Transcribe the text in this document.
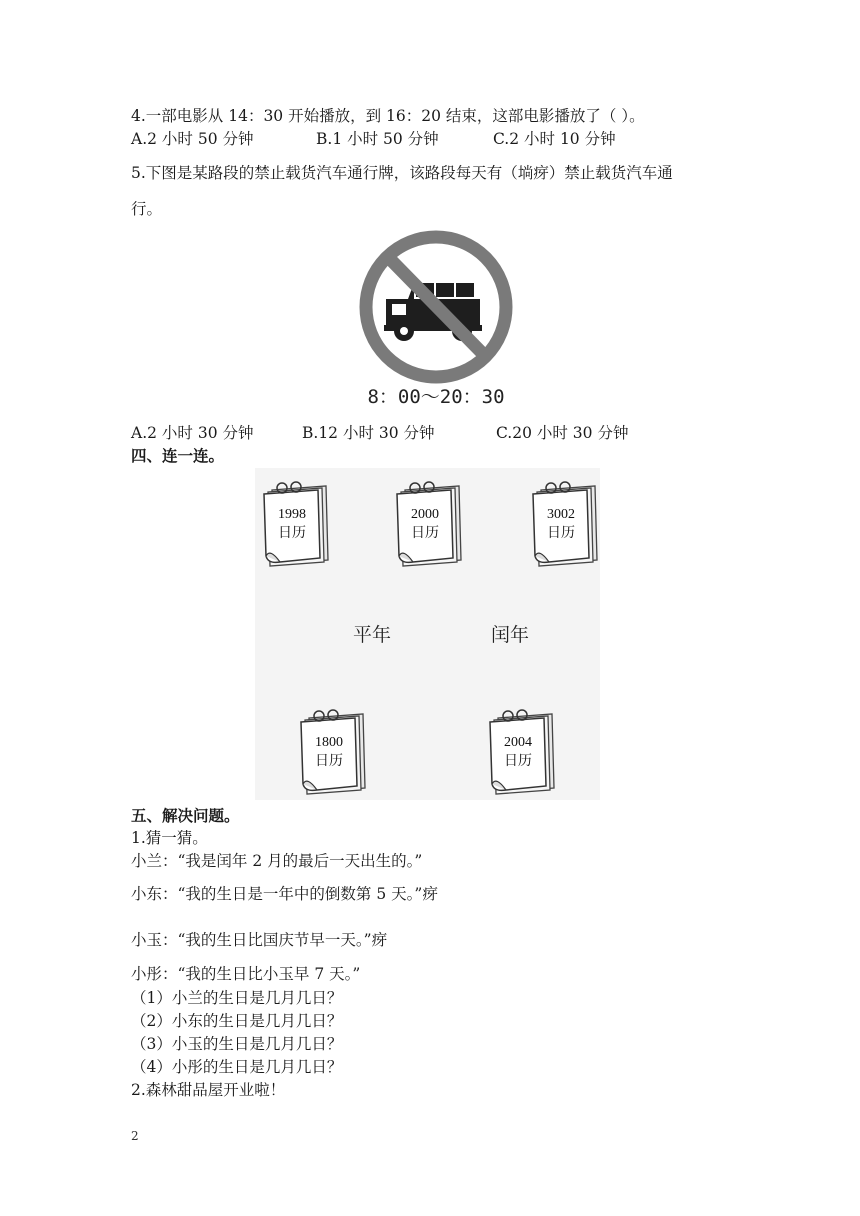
4.一部电影从 14：30 开始播放，到 16：20 结束，这部电影播放了（ ）。
A.2 小时 50 分钟	B.1 小时 50 分钟	C.2 小时 10 分钟
5.下图是某路段的禁止载货汽车通行牌，该路段每天有（埫疨）禁止载货汽车通
行。
8：00～20：30
A.2 小时 30 分钟	B.12 小时 30 分钟	C.20 小时 30 分钟
四、连一连。
1998
日历
2000
日历
3002
日历
平年	闰年
1800
日历
2004
日历
五、解决问题。
1.猜一猜。
小兰：“我是闰年 2 月的最后一天出生的。”
小东：“我的生日是一年中的倒数第 5 天。”疨
小玉：“我的生日比国庆节早一天。”疨
小彤：“我的生日比小玉早 7 天。”
（1）小兰的生日是几月几日？
（2）小东的生日是几月几日？
（3）小玉的生日是几月几日？
（4）小彤的生日是几月几日？
2.森林甜品屋开业啦！
2
